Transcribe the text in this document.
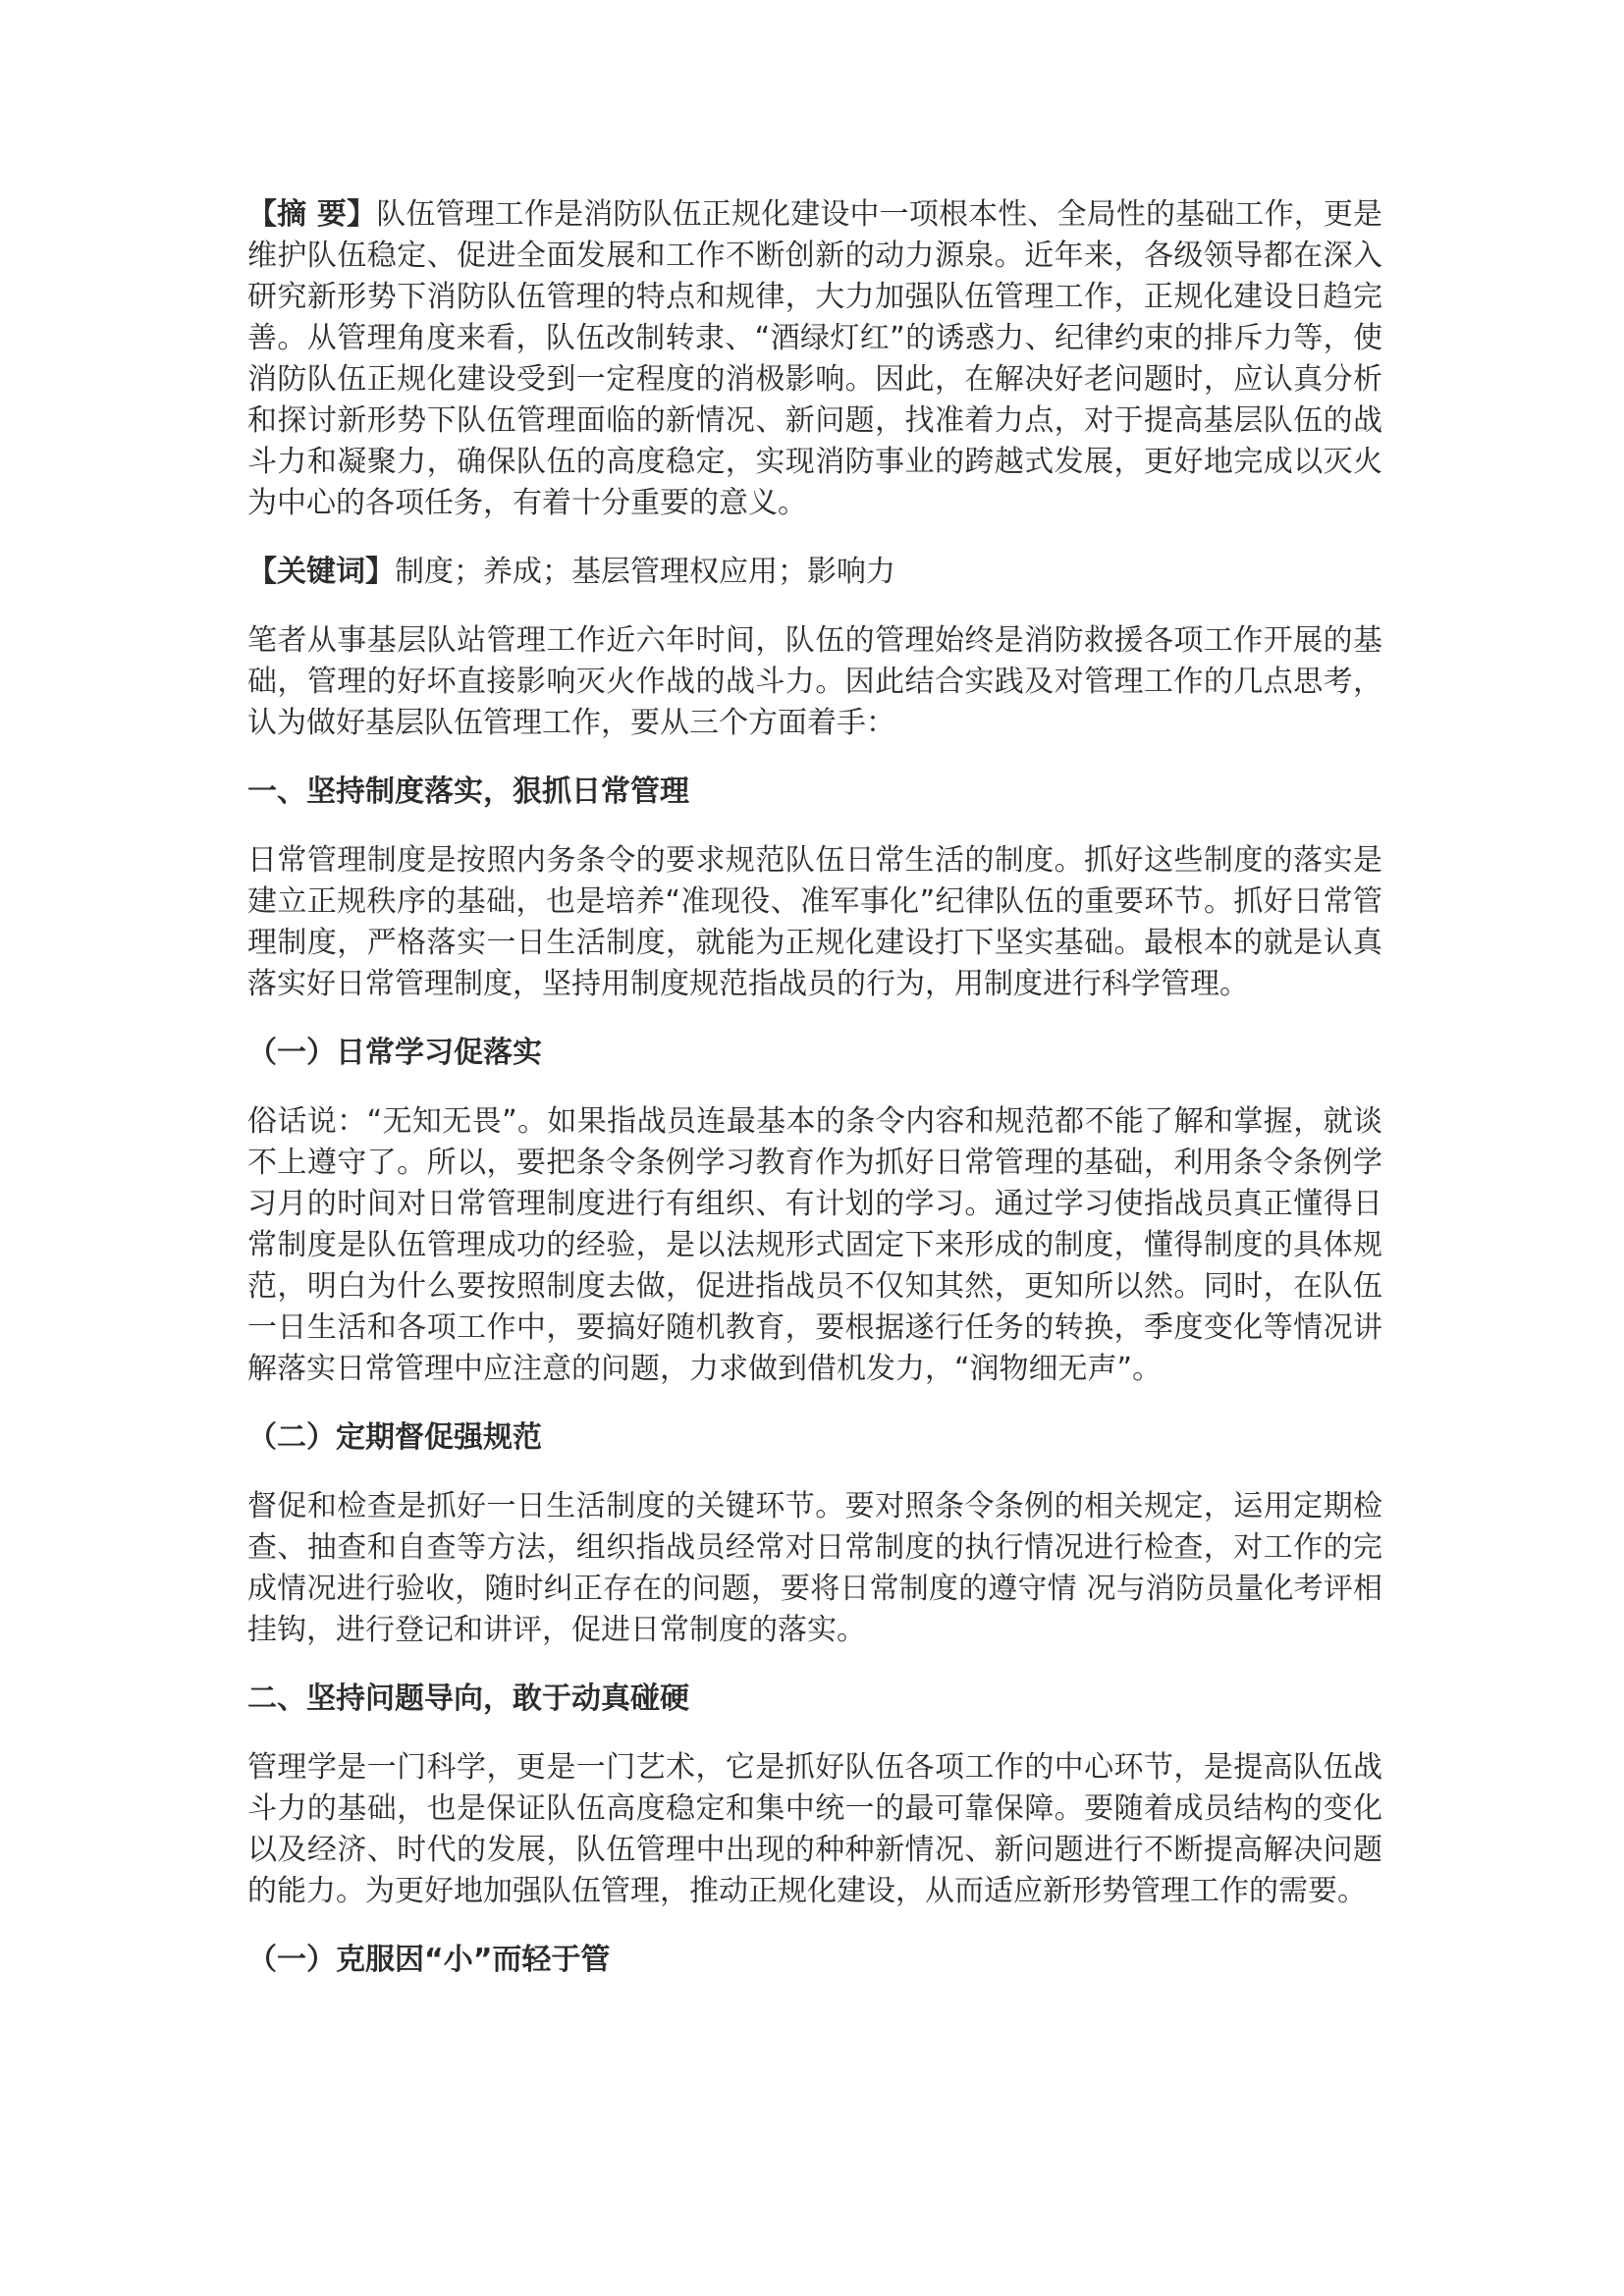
【摘 要】队伍管理工作是消防队伍正规化建设中一项根本性、全局性的基础工作，更是维护队伍稳定、促进全面发展和工作不断创新的动力源泉。近年来，各级领导都在深入研究新形势下消防队伍管理的特点和规律，大力加强队伍管理工作，正规化建设日趋完善。从管理角度来看，队伍改制转隶、“酒绿灯红”的诱惑力、纪律约束的排斥力等，使消防队伍正规化建设受到一定程度的消极影响。因此，在解决好老问题时，应认真分析和探讨新形势下队伍管理面临的新情况、新问题，找准着力点，对于提高基层队伍的战斗力和凝聚力，确保队伍的高度稳定，实现消防事业的跨越式发展，更好地完成以灭火为中心的各项任务，有着十分重要的意义。

【关键词】制度；养成；基层管理权应用；影响力

笔者从事基层队站管理工作近六年时间，队伍的管理始终是消防救援各项工作开展的基础，管理的好坏直接影响灭火作战的战斗力。因此结合实践及对管理工作的几点思考，认为做好基层队伍管理工作，要从三个方面着手：

一、坚持制度落实，狠抓日常管理

日常管理制度是按照内务条令的要求规范队伍日常生活的制度。抓好这些制度的落实是建立正规秩序的基础，也是培养“准现役、准军事化”纪律队伍的重要环节。抓好日常管理制度，严格落实一日生活制度，就能为正规化建设打下坚实基础。最根本的就是认真落实好日常管理制度，坚持用制度规范指战员的行为，用制度进行科学管理。

（一）日常学习促落实

俗话说：“无知无畏”。如果指战员连最基本的条令内容和规范都不能了解和掌握，就谈不上遵守了。所以，要把条令条例学习教育作为抓好日常管理的基础，利用条令条例学习月的时间对日常管理制度进行有组织、有计划的学习。通过学习使指战员真正懂得日常制度是队伍管理成功的经验，是以法规形式固定下来形成的制度，懂得制度的具体规范，明白为什么要按照制度去做，促进指战员不仅知其然，更知所以然。同时，在队伍一日生活和各项工作中，要搞好随机教育，要根据遂行任务的转换，季度变化等情况讲解落实日常管理中应注意的问题，力求做到借机发力，“润物细无声”。

（二）定期督促强规范

督促和检查是抓好一日生活制度的关键环节。要对照条令条例的相关规定，运用定期检查、抽查和自查等方法，组织指战员经常对日常制度的执行情况进行检查，对工作的完成情况进行验收，随时纠正存在的问题，要将日常制度的遵守情 况与消防员量化考评相挂钩，进行登记和讲评，促进日常制度的落实。

二、坚持问题导向，敢于动真碰硬

管理学是一门科学，更是一门艺术，它是抓好队伍各项工作的中心环节，是提高队伍战斗力的基础，也是保证队伍高度稳定和集中统一的最可靠保障。要随着成员结构的变化以及经济、时代的发展，队伍管理中出现的种种新情况、新问题进行不断提高解决问题的能力。为更好地加强队伍管理，推动正规化建设，从而适应新形势管理工作的需要。

（一）克服因“小”而轻于管
